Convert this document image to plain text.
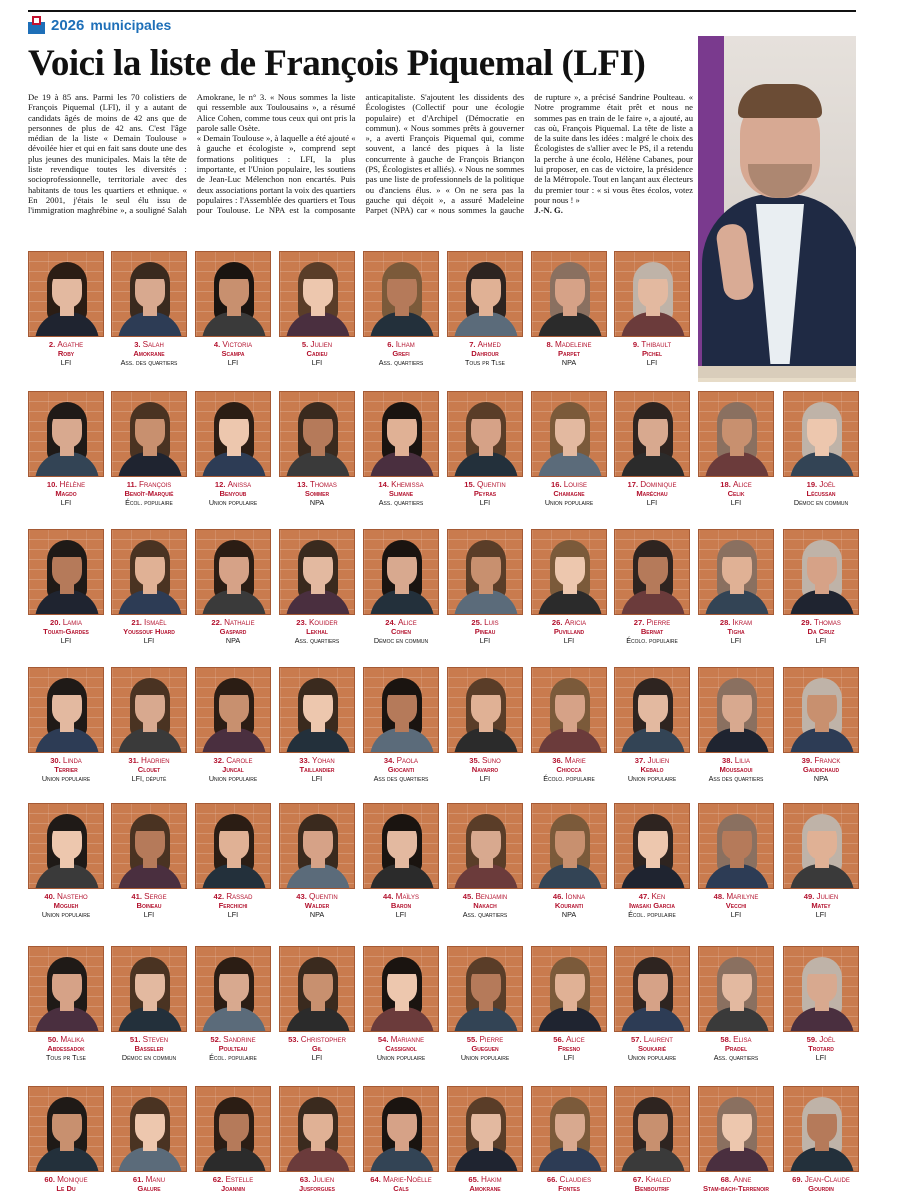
2026 municipales
Voici la liste de François Piquemal (LFI)

De 19 à 85 ans. Parmi les 70 colistiers de François Piquemal (LFI), il y a autant de candidats âgés de moins de 42 ans que de personnes de plus de 42 ans. C'est l'âge médian de la liste « Demain Toulouse » dévoilée hier et qui en fait sans doute une des plus jeunes des municipales. Mais la tête de liste revendique toutes les diversités : socioprofessionnelle, territoriale avec des habitants de tous les quartiers et ethnique. « En 2001, j'étais le seul élu issu de l'immigration maghrébine », a souligné Salah Amokrane, le n° 3. « Nous sommes la liste qui ressemble aux Toulousains », a résumé Alice Cohen, comme tous ceux qui ont pris la parole salle Osète.

« Demain Toulouse », à laquelle a été ajouté « à gauche et écologiste », comprend sept formations politiques : LFI, la plus importante, et l'Union populaire, les soutiens de Jean-Luc Mélenchon non encartés. Puis deux associations portant la voix des quartiers populaires : l'Assemblée des quartiers et Tous pour Toulouse. Le NPA est la composante anticapitaliste. S'ajoutent les dissidents des Écologistes (Collectif pour une écologie populaire) et d'Archipel (Démocratie en commun). « Nous sommes prêts à gouverner », a averti François Piquemal qui, comme souvent, a lancé des piques à la liste concurrente à gauche de François Briançon (PS, Écologistes et alliés). « Nous ne sommes pas une liste de professionnels de la politique ou d'anciens élus. » « On ne sera pas la gauche qui déçoit », a assuré Madeleine Parpet (NPA) car « nous sommes la gauche de rupture », a précisé Sandrine Poulteau. « Notre programme était prêt et nous ne sommes pas en train de le faire », a ajouté, au cas où, François Piquemal. La tête de liste a de la suite dans les idées : malgré le choix des Écologistes de s'allier avec le PS, il a retendu la perche à une écolo, Hélène Cabanes, pour lui proposer, en cas de victoire, la présidence de la Métropole. Tout en lançant aux électeurs du premier tour : « si vous êtes écolos, votez pour nous ! »

J.-N. G.

2. Agathe
Roby
LFI
3. Salah
Amokrane
Ass. des quartiers
4. Victoria
Scampa
LFI
5. Julien
Cadieu
LFI
6. Ilham
Grefi
Ass. quartiers
7. Ahmed
Dahrour
Tous pr Tlse
8. Madeleine
Parpet
NPA
9. Thibault
Pichel
LFI
10. Hélène
Magdo
LFI
11. François
Benoît-Marquié
Écol. populaire
12. Anissa
Benyoub
Union populaire
13. Thomas
Sommer
NPA
14. Khemissa
Slimane
Ass. quartiers
15. Quentin
Peyras
LFI
16. Louise
Chamagne
Union populaire
17. Dominique
Maréchau
LFI
18. Alice
Celik
LFI
19. Joël
Lécussan
Démoc en commun
20. Lamia
Touati-Gardes
LFI
21. Ismaël
Youssouf Huard
LFI
22. Nathalie
Gaspard
NPA
23. Kouider
Lekhal
Ass. quartiers
24. Alice
Cohen
Démoc en commun
25. Luis
Pineau
LFI
26. Aricia
Puvilland
LFI
27. Pierre
Bernat
Écolo. populaire
28. Ikram
Tigha
LFI
29. Thomas
Da Cruz
LFI
30. Linda
Terrier
Union populaire
31. Hadrien
Clouet
LFI, député
32. Carole
Juncal
Union populaire
33. Yohan
Taillandier
LFI
34. Paola
Giocanti
Ass des quartiers
35. Suno
Navarro
LFI
36. Marie
Chiocca
Écolo. populaire
37. Julien
Kebalo
Union populaire
38. Lilia
Moussaoui
Ass des quartiers
39. Franck
Gaudichaud
NPA
40. Nasteho
Mogueh
Union populaire
41. Serge
Boineau
LFI
42. Rassad
Ferchichi
LFI
43. Quentin
Walder
NPA
44. Maïlys
Baron
LFI
45. Benjamin
Nakach
Ass. quartiers
46. Ionna
Kouranti
NPA
47. Ken
Iwasaki Garcia
Écol. populaire
48. Marilyne
Vecchi
LFI
49. Julien
Matey
LFI
50. Malika
Abdessadok
Tous pr Tlse
51. Steven
Basseler
Démoc en commun
52. Sandrine
Poulteau
Écol. populaire
53. Christopher
Gil
LFI
54. Marianne
Cassignol
Union populaire
55. Pierre
Gueguen
Union populaire
56. Alice
Fresno
LFI
57. Laurent
Soukarié
Union populaire
58. Elisa
Pradel
Ass. quartiers
59. Joël
Trotard
LFI
60. Monique
Le Du
61. Manu
Galure
62. Estelle
Joannin
63. Julien
Jusforgues
64. Marie-Noëlle
Cals
65. Hakim
Amokrane
66. Claudies
Fontes
67. Khaled
Benboutrif
68. Anne
Stam-bach-Terrenoir
69. Jean-Claude
Gourdin
